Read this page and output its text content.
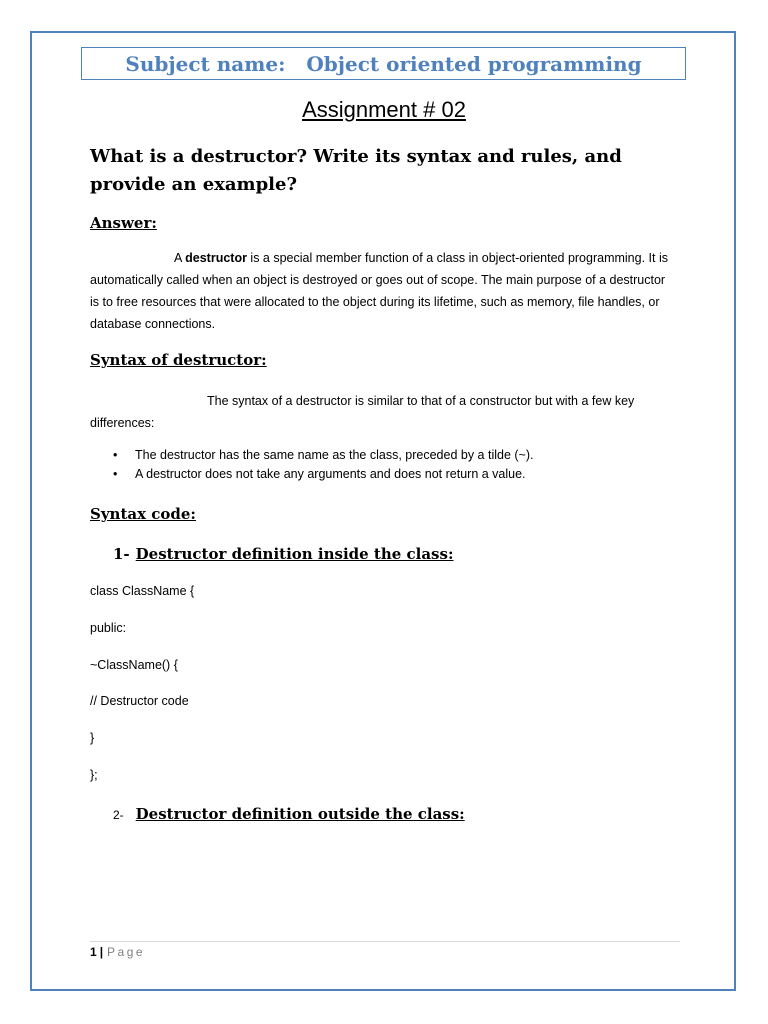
Subject name:   Object oriented programming
Assignment # 02
What is a destructor? Write its syntax and rules, and provide an example?
Answer:
A destructor is a special member function of a class in object-oriented programming. It is automatically called when an object is destroyed or goes out of scope. The main purpose of a destructor is to free resources that were allocated to the object during its lifetime, such as memory, file handles, or database connections.
Syntax of destructor:
The syntax of a destructor is similar to that of a constructor but with a few key differences:
• The destructor has the same name as the class, preceded by a tilde (~).
• A destructor does not take any arguments and does not return a value.
Syntax code:
1- Destructor definition inside the class:
class ClassName {
public:
~ClassName() {
// Destructor code
}
};
2- Destructor definition outside the class:
1 | Page
